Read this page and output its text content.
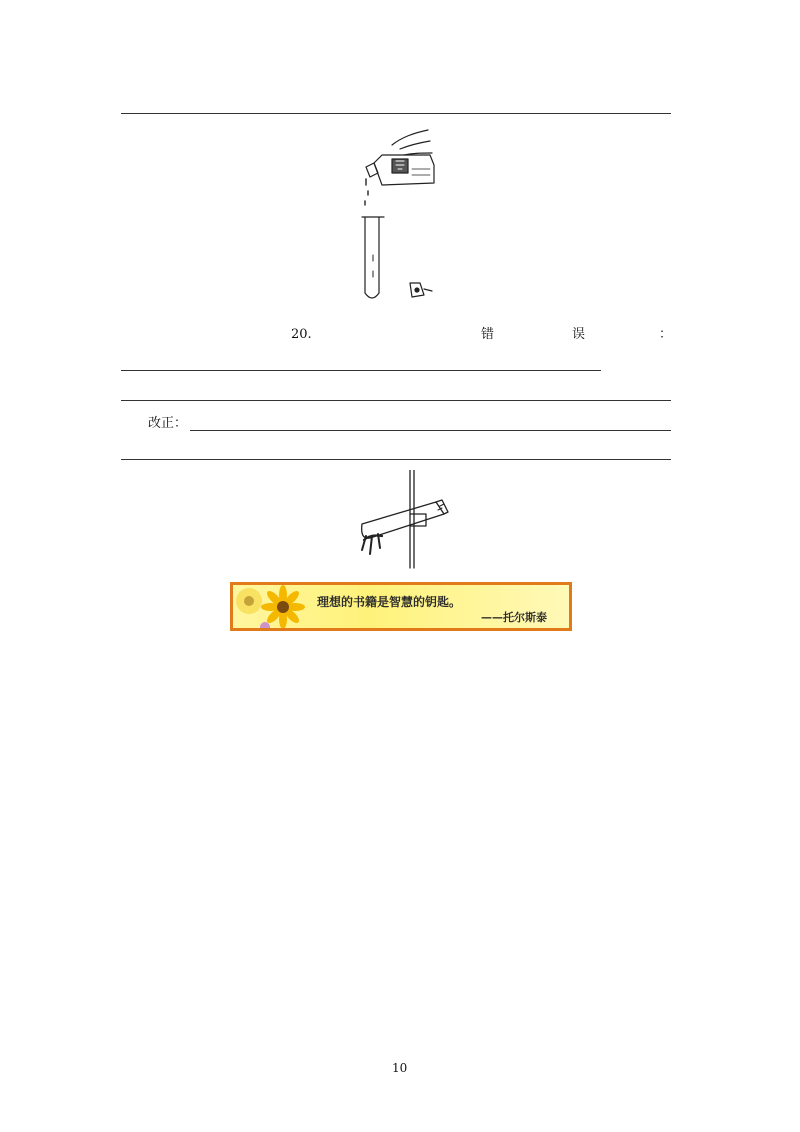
20.	错	误	：
改正：
理想的书籍是智慧的钥匙。
——托尔斯泰
10
